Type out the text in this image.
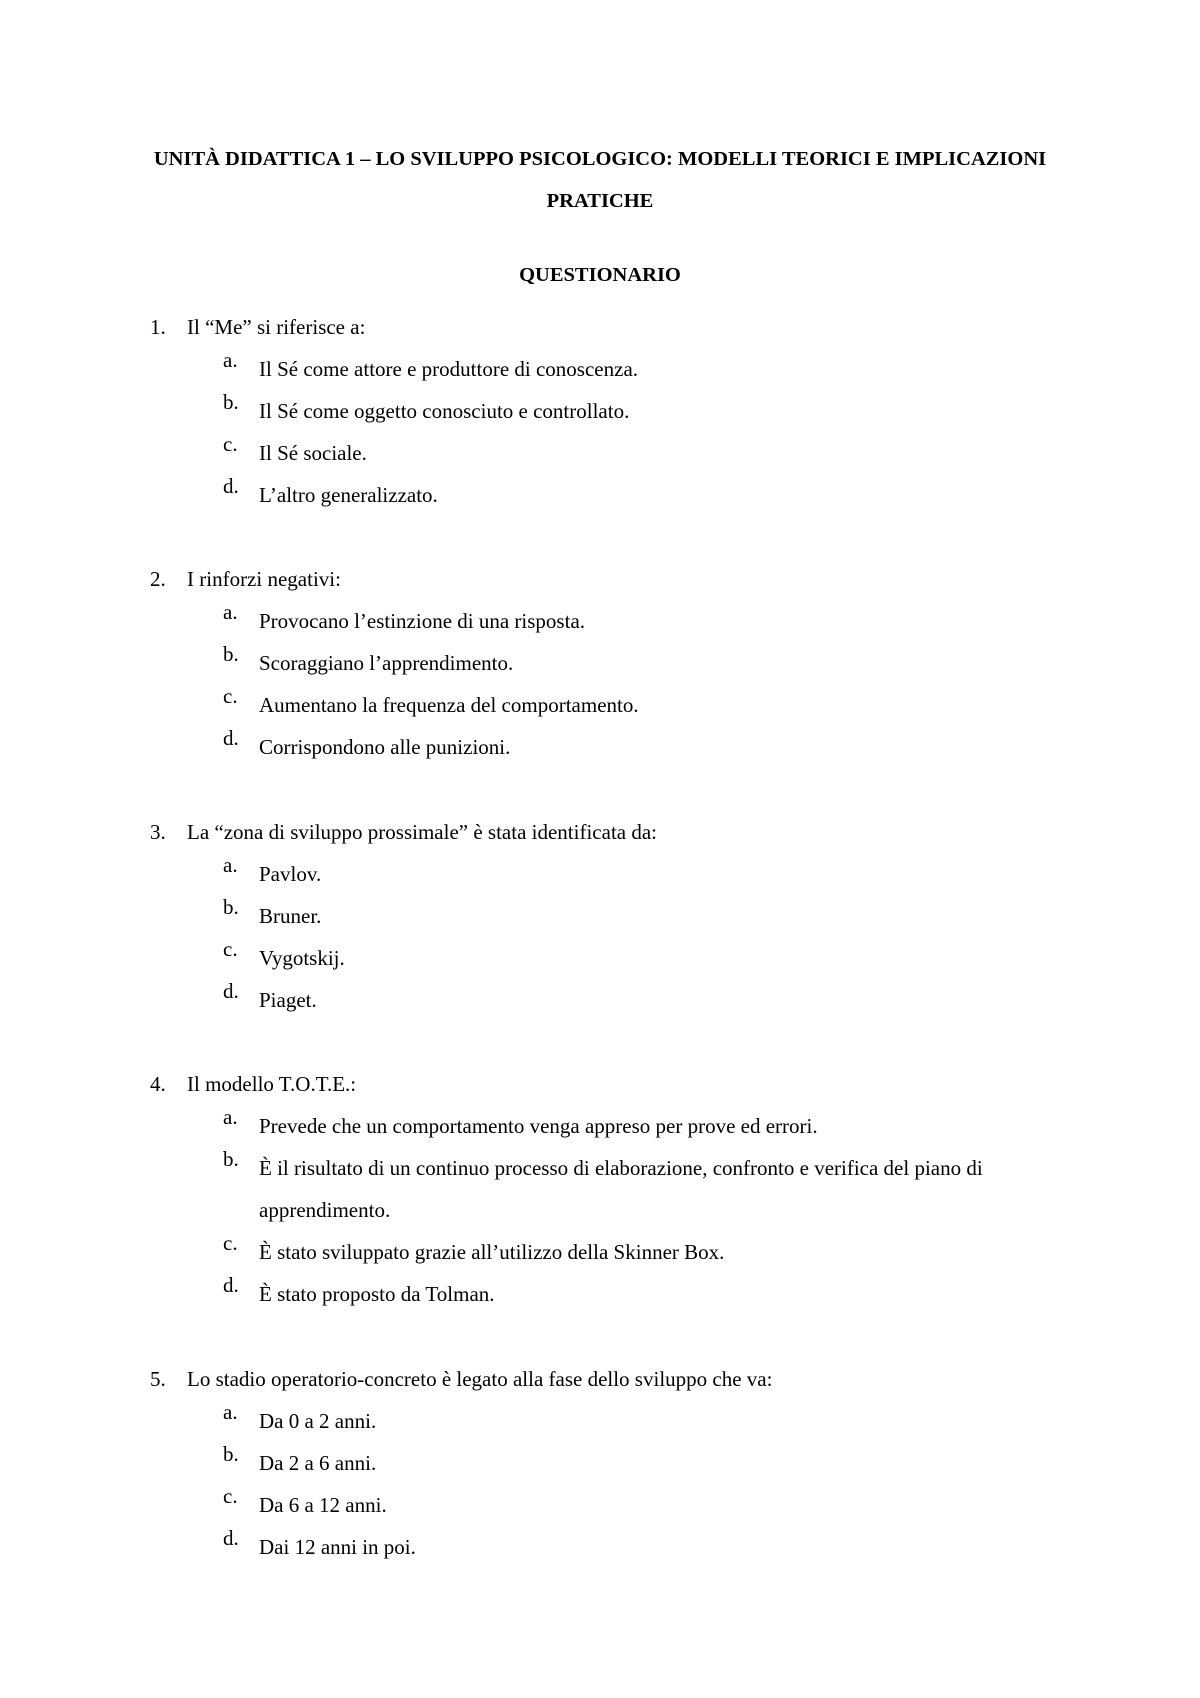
UNITÀ DIDATTICA 1 – LO SVILUPPO PSICOLOGICO: MODELLI TEORICI E IMPLICAZIONI PRATICHE
QUESTIONARIO
1.	Il “Me” si riferisce a:
a.	Il Sé come attore e produttore di conoscenza.
b. Il Sé come oggetto conosciuto e controllato.
c.	Il Sé sociale.
d. L’altro generalizzato.
2.	I rinforzi negativi:
a.	Provocano l’estinzione di una risposta.
b. Scoraggiano l’apprendimento.
c.	Aumentano la frequenza del comportamento.
d. Corrispondono alle punizioni.
3.	La “zona di sviluppo prossimale” è stata identificata da:
a.	Pavlov.
b. Bruner.
c.	Vygotskij.
d. Piaget.
4.	Il modello T.O.T.E.:
a.	Prevede che un comportamento venga appreso per prove ed errori.
b. È il risultato di un continuo processo di elaborazione, confronto e verifica del piano di apprendimento.
c.	È stato sviluppato grazie all’utilizzo della Skinner Box.
d. È stato proposto da Tolman.
5.	Lo stadio operatorio-concreto è legato alla fase dello sviluppo che va:
a.	Da 0 a 2 anni.
b. Da 2 a 6 anni.
c.	Da 6 a 12 anni.
d. Dai 12 anni in poi.
